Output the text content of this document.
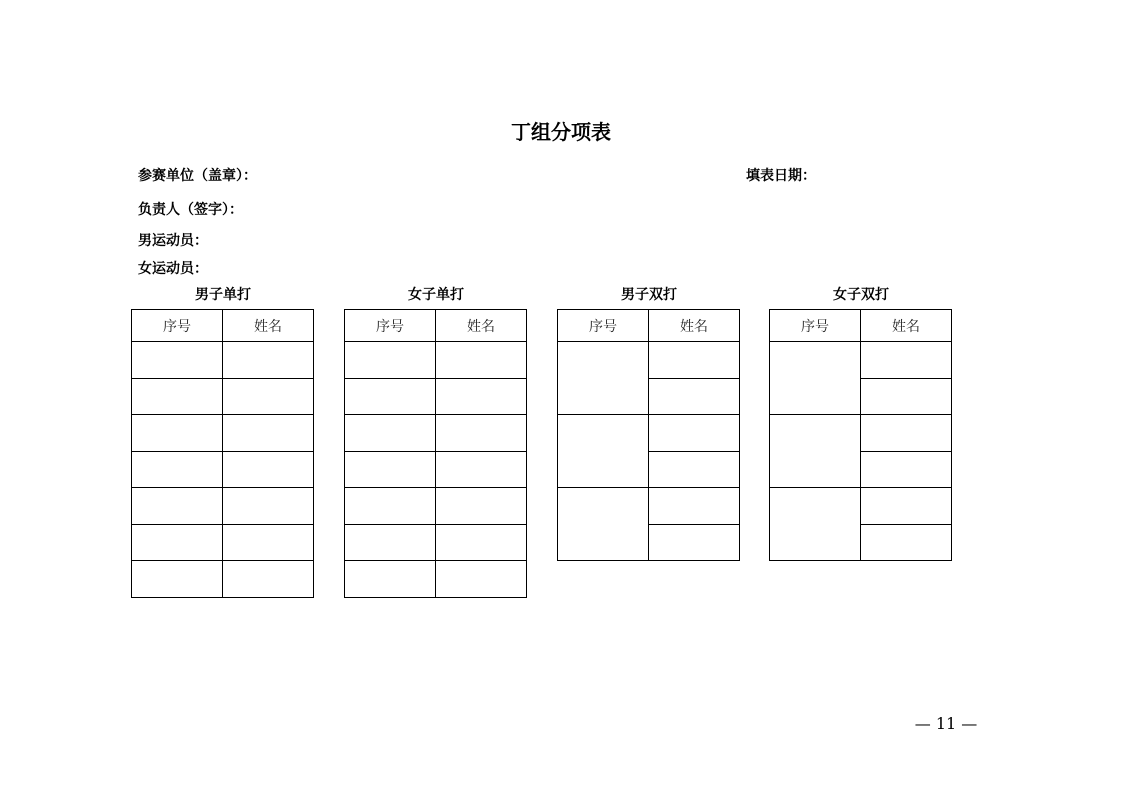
丁组分项表
参赛单位（盖章）：	填表日期：
负责人（签字）：
男运动员：
女运动员：
男子单打
序号	姓名

女子单打
序号	姓名

男子双打
序号	姓名

女子双打
序号	姓名

— 11 —
